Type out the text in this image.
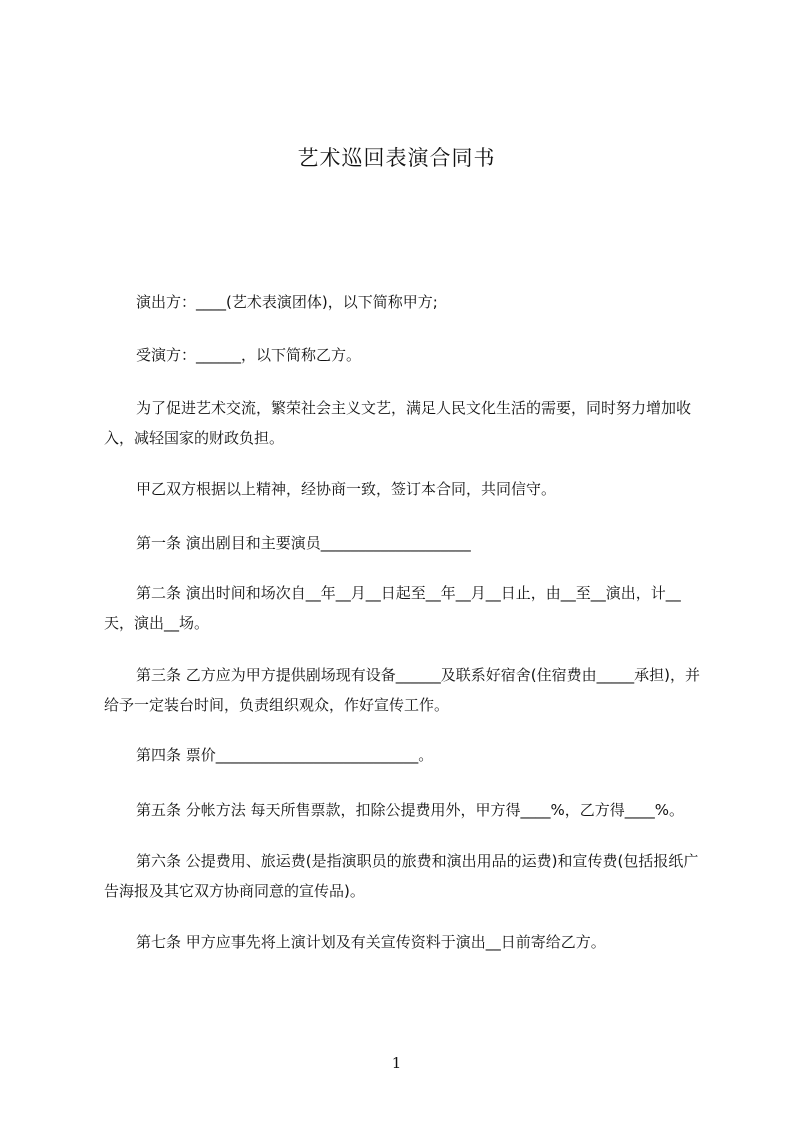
艺术巡回表演合同书

演出方：____(艺术表演团体)，以下简称甲方;

受演方：______，以下简称乙方。

为了促进艺术交流，繁荣社会主义文艺，满足人民文化生活的需要，同时努力增加收入，减轻国家的财政负担。

甲乙双方根据以上精神，经协商一致，签订本合同，共同信守。

第一条 演出剧目和主要演员____________________

第二条 演出时间和场次自__年__月__日起至__年__月__日止，由__至__演出，计__天，演出__场。

第三条 乙方应为甲方提供剧场现有设备______及联系好宿舍(住宿费由_____承担)，并给予一定装台时间，负责组织观众，作好宣传工作。

第四条 票价___________________________。

第五条 分帐方法 每天所售票款，扣除公提费用外，甲方得____%，乙方得____%。

第六条 公提费用、旅运费(是指演职员的旅费和演出用品的运费)和宣传费(包括报纸广告海报及其它双方协商同意的宣传品)。

第七条 甲方应事先将上演计划及有关宣传资料于演出__日前寄给乙方。

1
